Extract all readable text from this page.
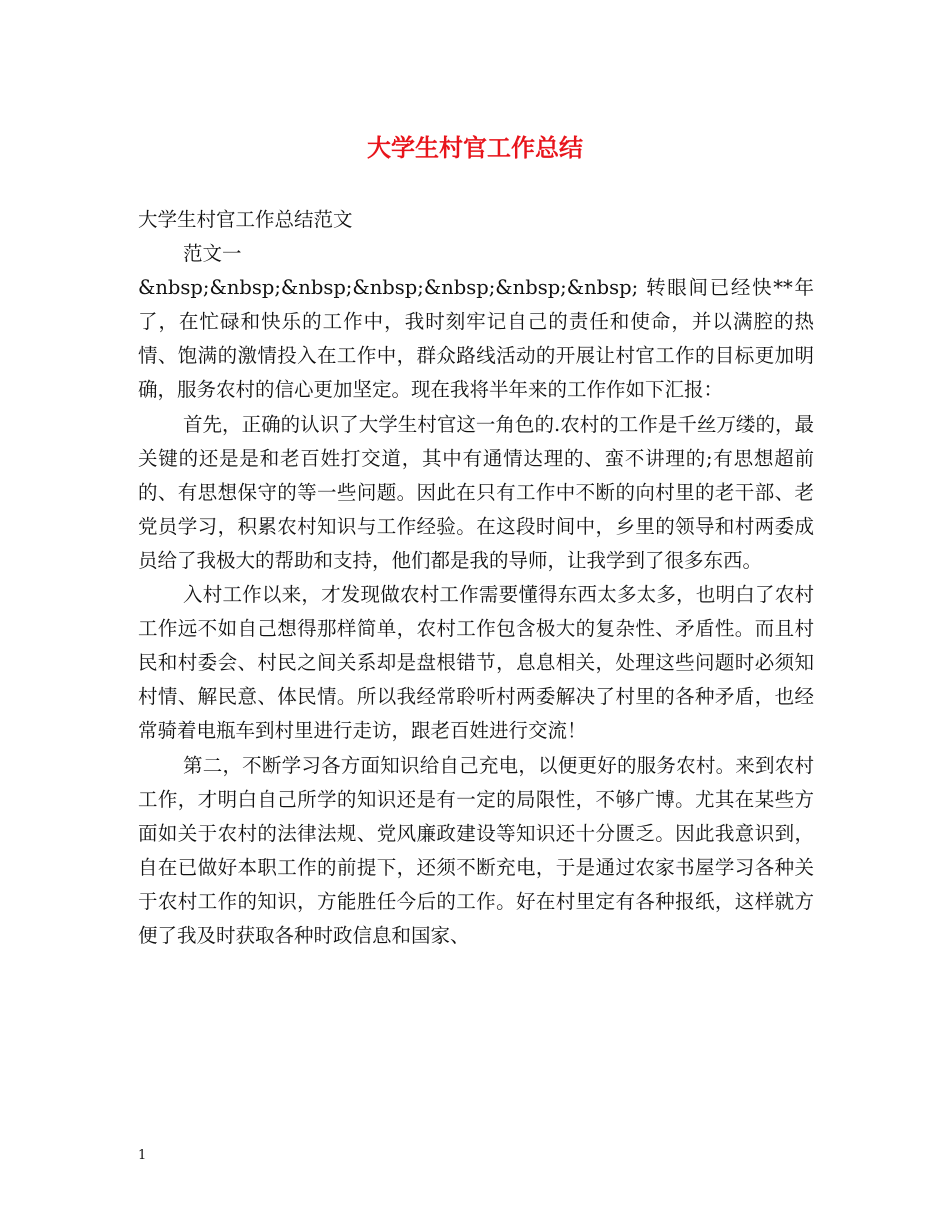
大学生村官工作总结

大学生村官工作总结范文

范文一

&nbsp;&nbsp;&nbsp;&nbsp;&nbsp;&nbsp;&nbsp; 转眼间已经快**年了，在忙碌和快乐的工作中，我时刻牢记自己的责任和使命，并以满腔的热情、饱满的激情投入在工作中，群众路线活动的开展让村官工作的目标更加明确，服务农村的信心更加坚定。现在我将半年来的工作作如下汇报：

首先，正确的认识了大学生村官这一角色的.农村的工作是千丝万缕的，最关键的还是是和老百姓打交道，其中有通情达理的、蛮不讲理的;有思想超前的、有思想保守的等一些问题。因此在只有工作中不断的向村里的老干部、老党员学习，积累农村知识与工作经验。在这段时间中，乡里的领导和村两委成员给了我极大的帮助和支持，他们都是我的导师，让我学到了很多东西。

入村工作以来，才发现做农村工作需要懂得东西太多太多，也明白了农村工作远不如自己想得那样简单，农村工作包含极大的复杂性、矛盾性。而且村民和村委会、村民之间关系却是盘根错节，息息相关，处理这些问题时必须知村情、解民意、体民情。所以我经常聆听村两委解决了村里的各种矛盾，也经常骑着电瓶车到村里进行走访，跟老百姓进行交流！

第二，不断学习各方面知识给自己充电，以便更好的服务农村。来到农村工作，才明白自己所学的知识还是有一定的局限性，不够广博。尤其在某些方面如关于农村的法律法规、党风廉政建设等知识还十分匮乏。因此我意识到，自在已做好本职工作的前提下，还须不断充电，于是通过农家书屋学习各种关于农村工作的知识，方能胜任今后的工作。好在村里定有各种报纸，这样就方便了我及时获取各种时政信息和国家、

1
